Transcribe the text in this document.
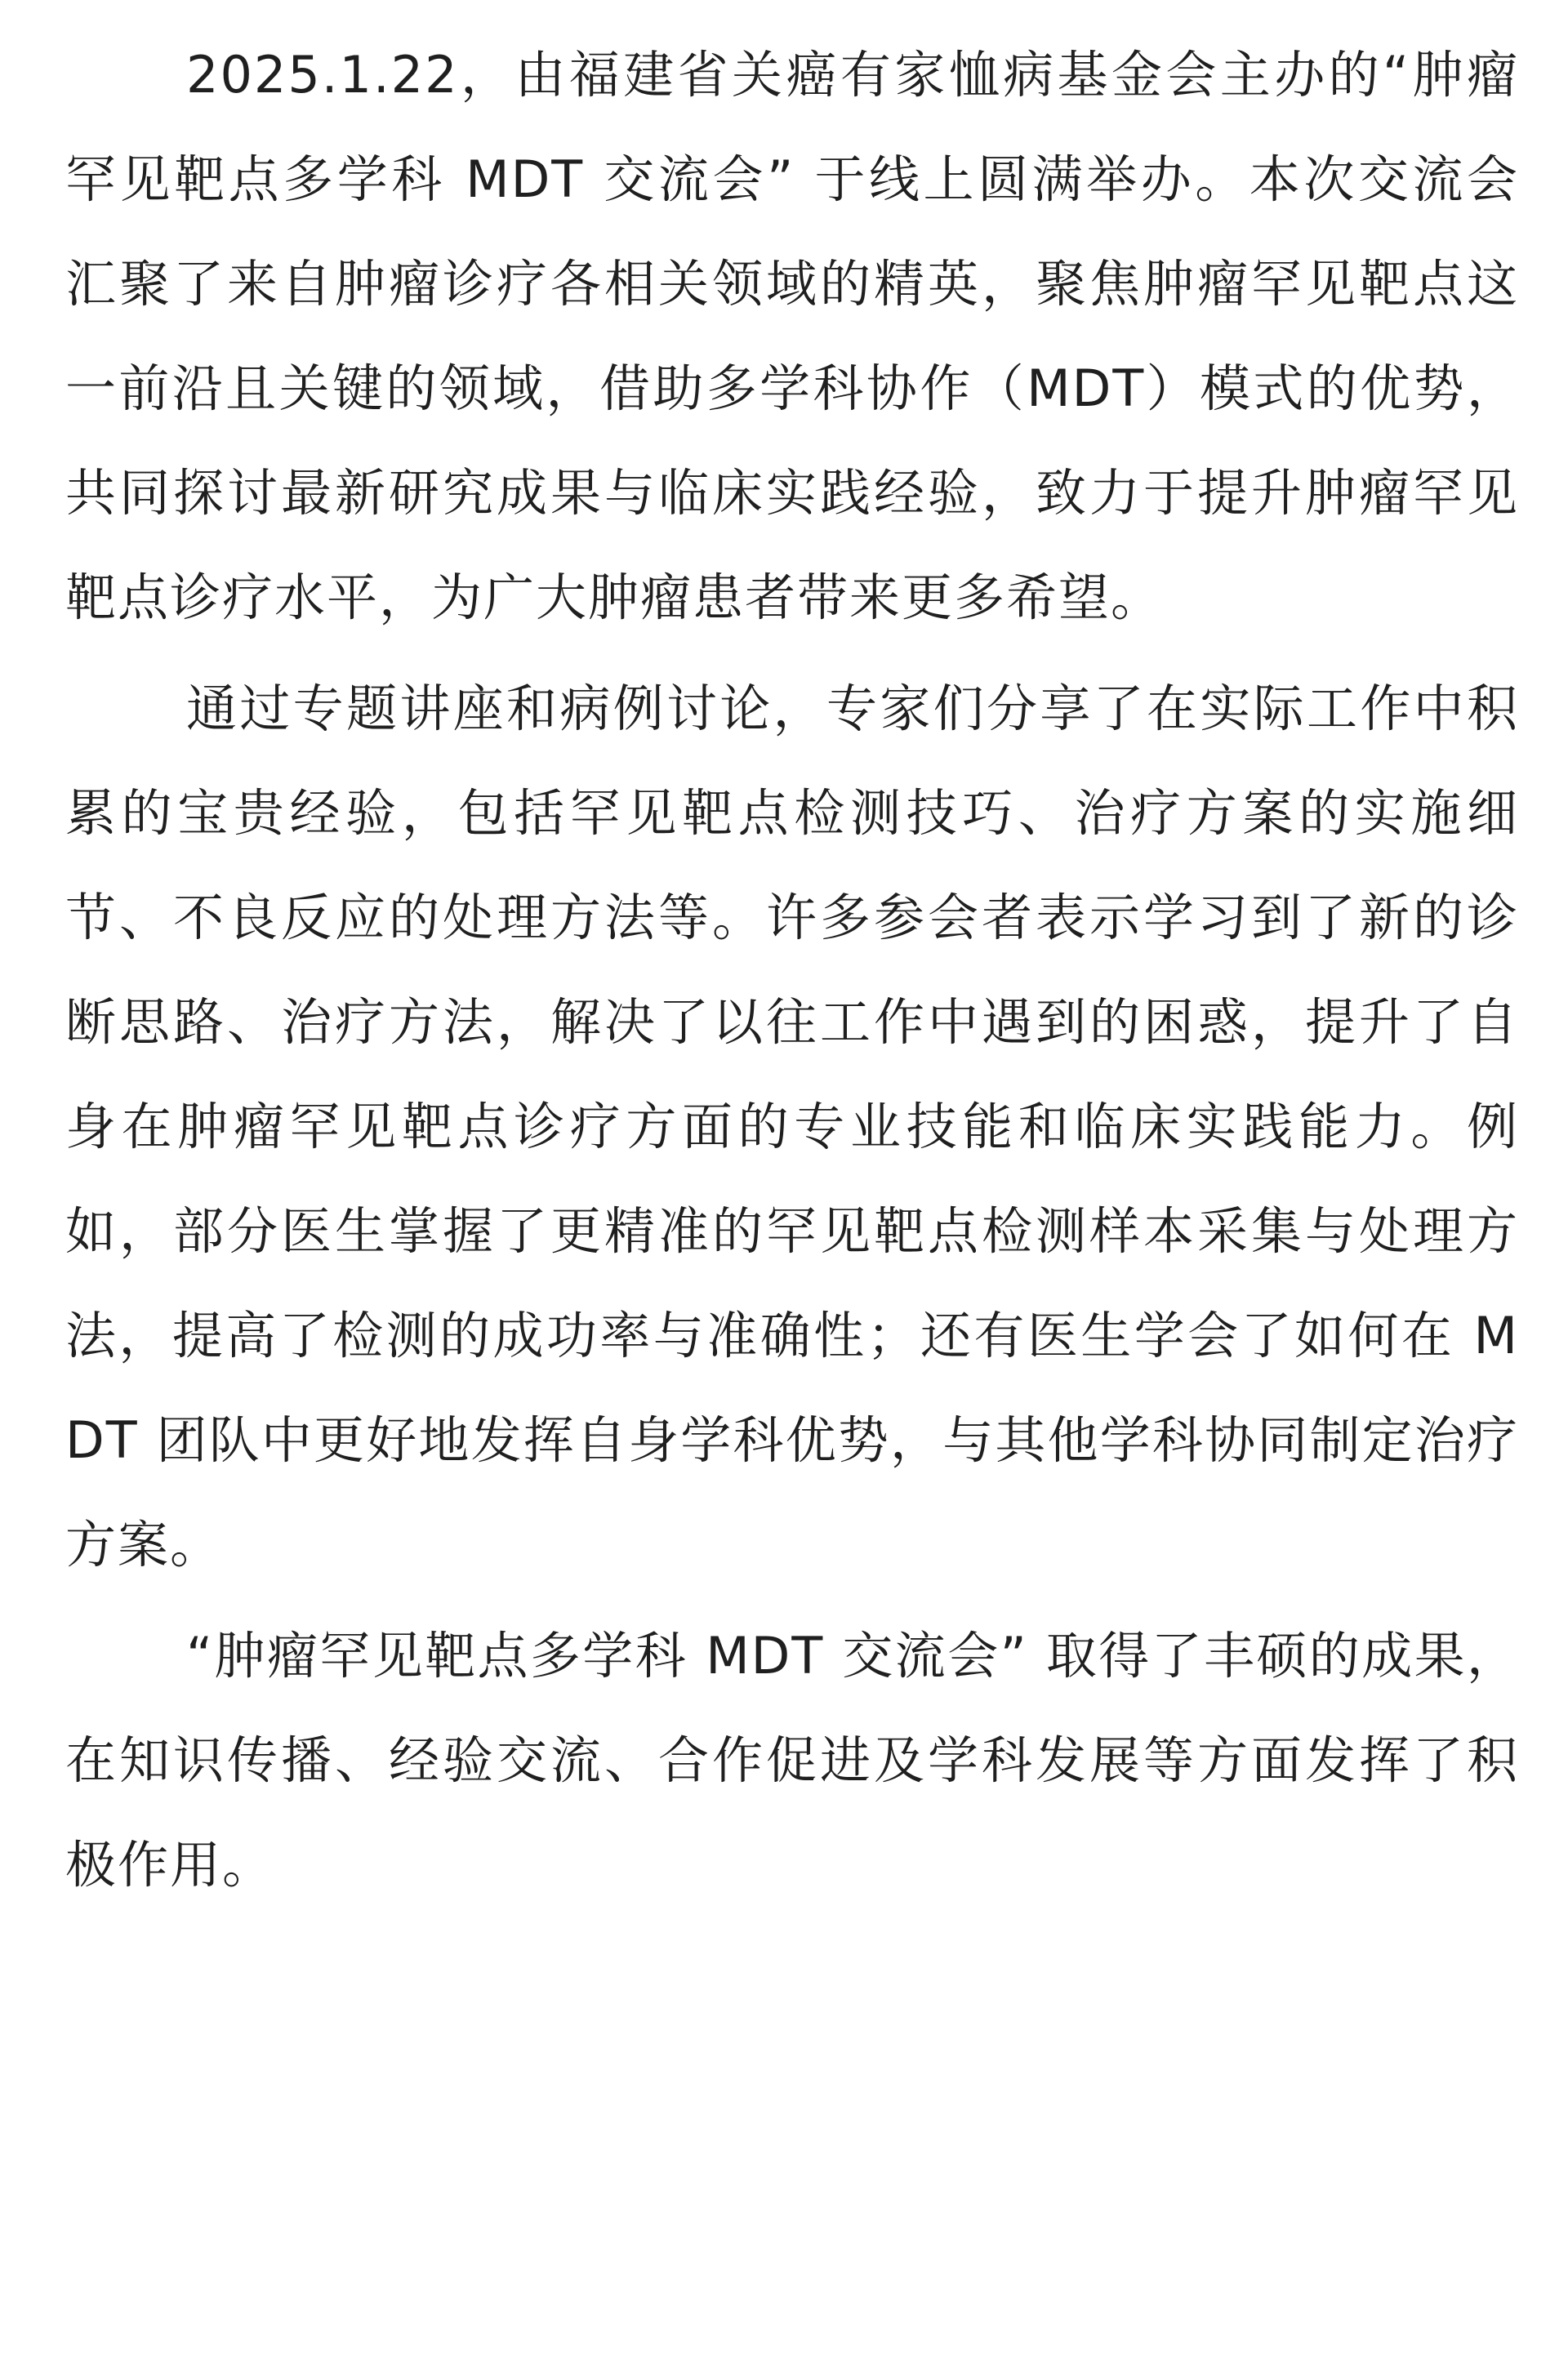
2025.1.22，由福建省关癌有家恤病基金会主办的“肿瘤罕见靶点多学科 MDT 交流会” 于线上圆满举办。本次交流会汇聚了来自肿瘤诊疗各相关领域的精英，聚焦肿瘤罕见靶点这一前沿且关键的领域，借助多学科协作（MDT）模式的优势，共同探讨最新研究成果与临床实践经验，致力于提升肿瘤罕见靶点诊疗水平，为广大肿瘤患者带来更多希望。

通过专题讲座和病例讨论，专家们分享了在实际工作中积累的宝贵经验，包括罕见靶点检测技巧、治疗方案的实施细节、不良反应的处理方法等。许多参会者表示学习到了新的诊断思路、治疗方法，解决了以往工作中遇到的困惑，提升了自身在肿瘤罕见靶点诊疗方面的专业技能和临床实践能力。例如，部分医生掌握了更精准的罕见靶点检测样本采集与处理方法，提高了检测的成功率与准确性；还有医生学会了如何在 MDT 团队中更好地发挥自身学科优势，与其他学科协同制定治疗方案。

“肿瘤罕见靶点多学科 MDT 交流会” 取得了丰硕的成果，在知识传播、经验交流、合作促进及学科发展等方面发挥了积极作用。
